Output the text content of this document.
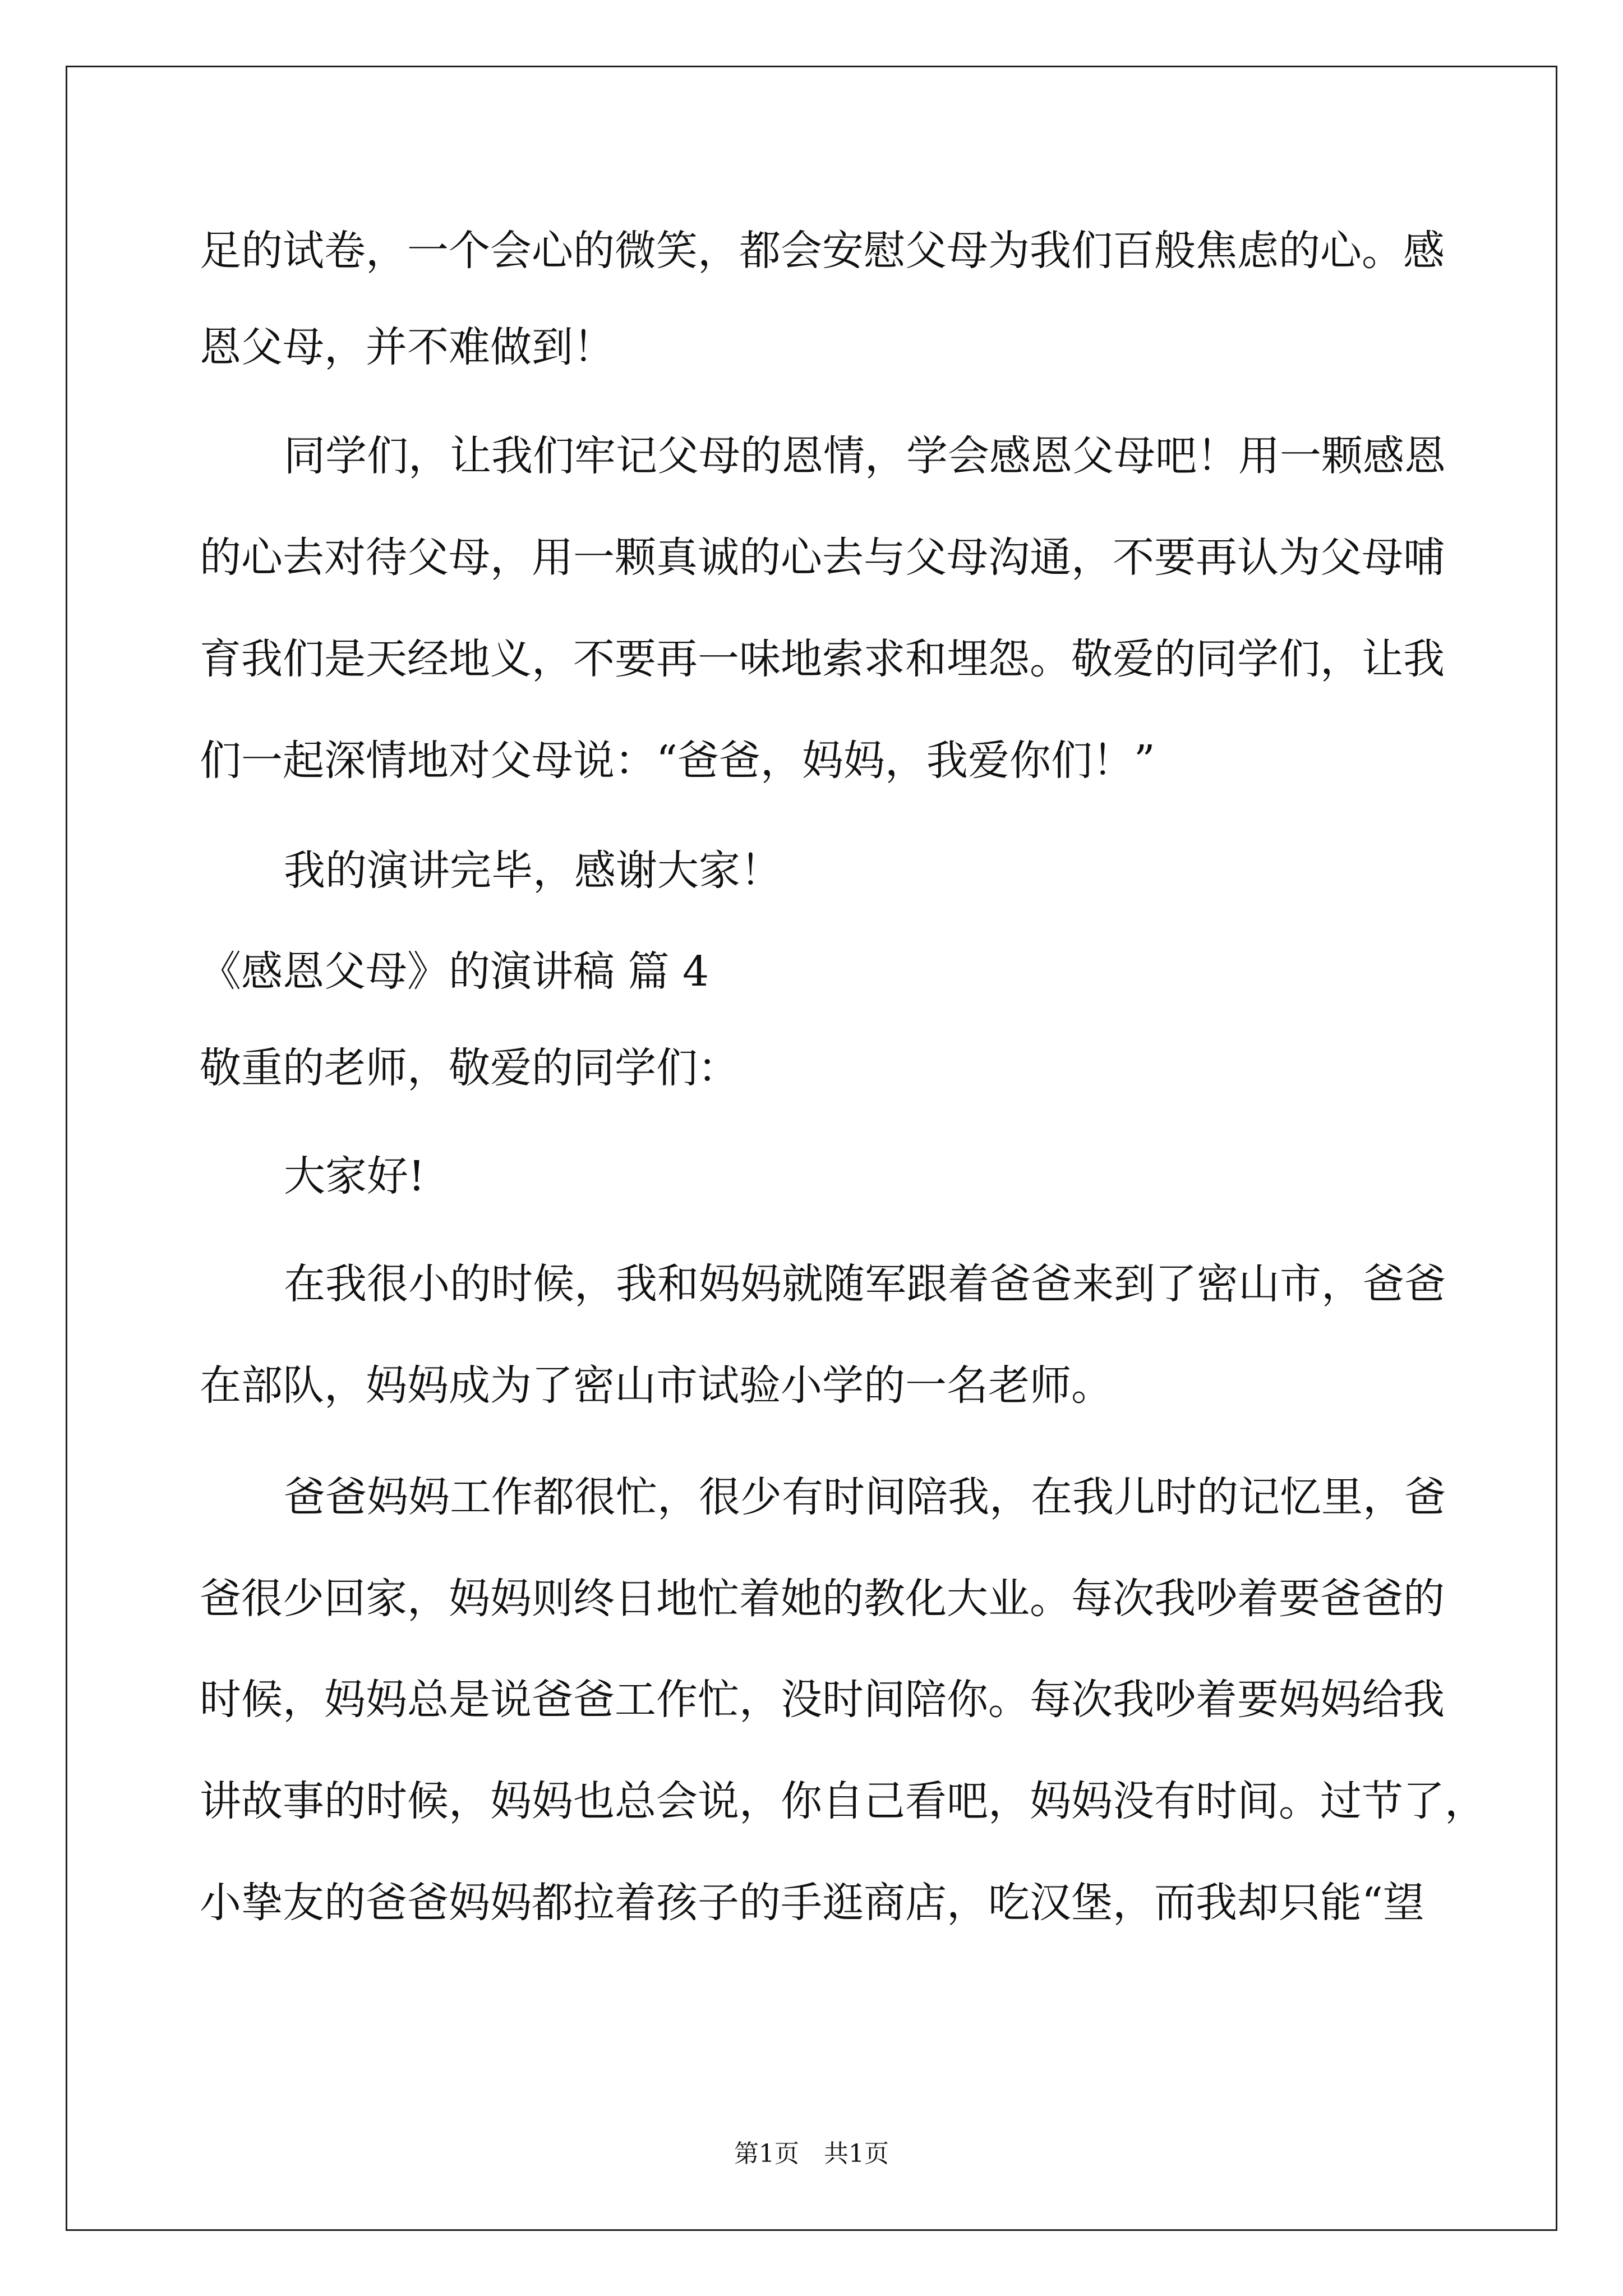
足的试卷，一个会心的微笑，都会安慰父母为我们百般焦虑的心。感
恩父母，并不难做到！
同学们，让我们牢记父母的恩情，学会感恩父母吧！用一颗感恩
的心去对待父母，用一颗真诚的心去与父母沟通，不要再认为父母哺
育我们是天经地义，不要再一味地索求和埋怨。敬爱的同学们，让我
们一起深情地对父母说：“爸爸，妈妈，我爱你们！”
我的演讲完毕，感谢大家！
《感恩父母》的演讲稿 篇 4
敬重的老师，敬爱的同学们：
大家好!
在我很小的时候，我和妈妈就随军跟着爸爸来到了密山市，爸爸
在部队，妈妈成为了密山市试验小学的一名老师。
爸爸妈妈工作都很忙，很少有时间陪我，在我儿时的记忆里，爸
爸很少回家，妈妈则终日地忙着她的教化大业。每次我吵着要爸爸的
时候，妈妈总是说爸爸工作忙，没时间陪你。每次我吵着要妈妈给我
讲故事的时候，妈妈也总会说，你自己看吧，妈妈没有时间。过节了，
小挚友的爸爸妈妈都拉着孩子的手逛商店，吃汉堡，而我却只能“望
第1页　共1页
